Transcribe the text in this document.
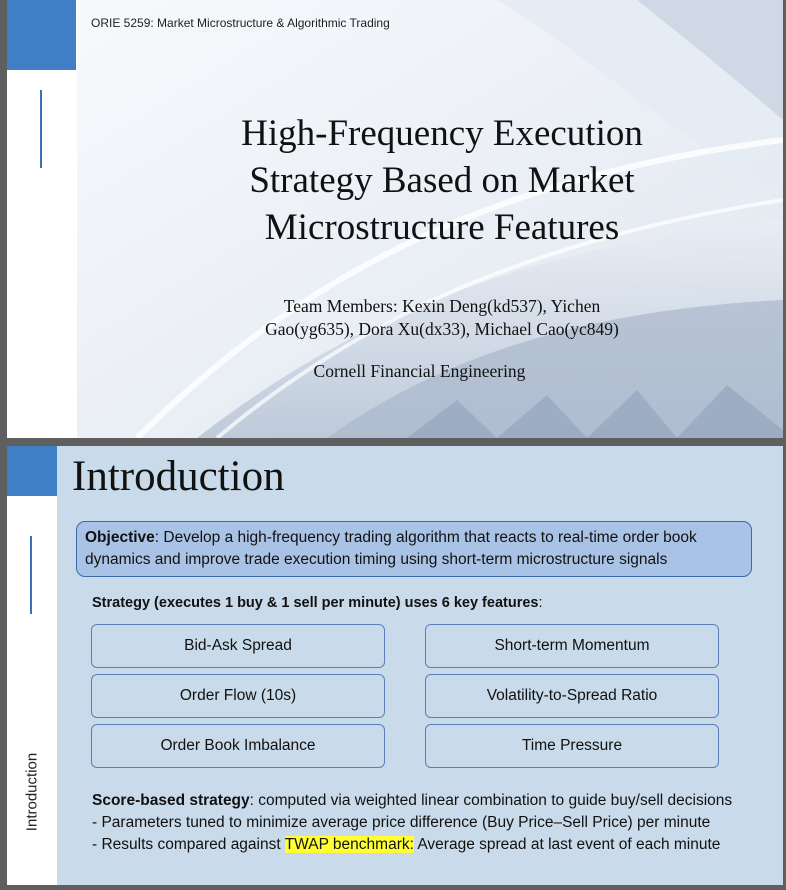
ORIE 5259: Market Microstructure & Algorithmic Trading
High-Frequency Execution
Strategy Based on Market
Microstructure Features
Team Members: Kexin Deng(kd537), Yichen
Gao(yg635), Dora Xu(dx33), Michael Cao(yc849)
Cornell Financial Engineering
Introduction
Introduction
Objective: Develop a high-frequency trading algorithm that reacts to real-time order book dynamics and improve trade execution timing using short-term microstructure signals
Strategy (executes 1 buy & 1 sell per minute) uses 6 key features:
Bid-Ask Spread	Short-term Momentum
Order Flow (10s)	Volatility-to-Spread Ratio
Order Book Imbalance	Time Pressure
Score-based strategy: computed via weighted linear combination to guide buy/sell decisions
- Parameters tuned to minimize average price difference (Buy Price–Sell Price) per minute
- Results compared against TWAP benchmark: Average spread at last event of each minute
